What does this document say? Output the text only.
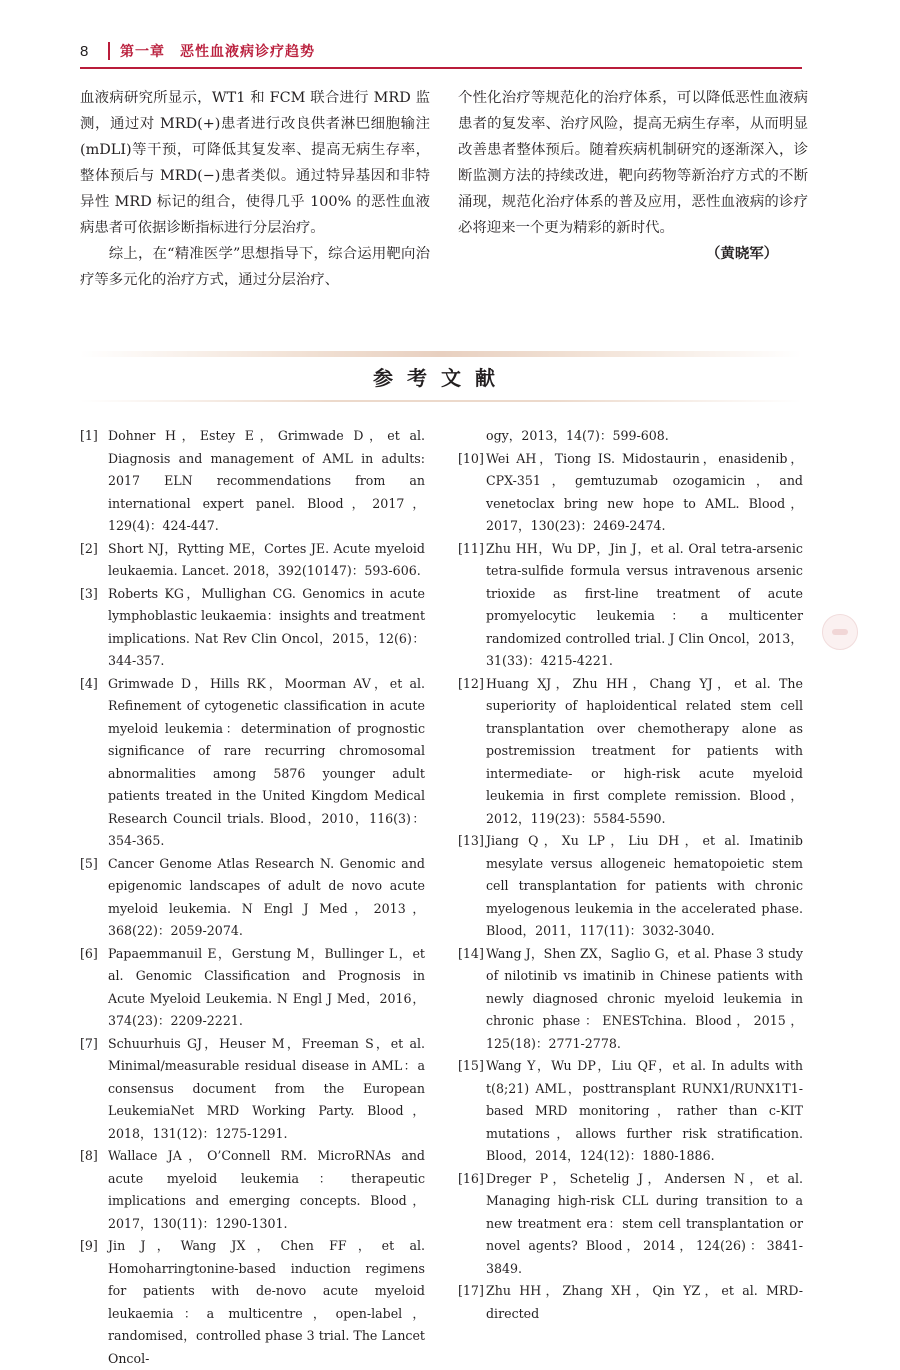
8	第一章　恶性血液病诊疗趋势

血液病研究所显示，WT1 和 FCM 联合进行 MRD 监测，通过对 MRD(+)患者进行改良供者淋巴细胞输注(mDLI)等干预，可降低其复发率、提高无病生存率，整体预后与 MRD(−)患者类似。通过特异基因和非特异性 MRD 标记的组合，使得几乎 100% 的恶性血液病患者可依据诊断指标进行分层治疗。

综上，在“精准医学”思想指导下，综合运用靶向治疗等多元化的治疗方式，通过分层治疗、

个性化治疗等规范化的治疗体系，可以降低恶性血液病患者的复发率、治疗风险，提高无病生存率，从而明显改善患者整体预后。随着疾病机制研究的逐渐深入，诊断监测方法的持续改进，靶向药物等新治疗方式的不断涌现，规范化治疗体系的普及应用，恶性血液病的诊疗必将迎来一个更为精彩的新时代。

（黄晓军）

参考文献
[1] Dohner H，Estey E，Grimwade D，et al. Diagnosis and management of AML in adults: 2017 ELN recommendations from an international expert panel. Blood，2017，129(4)：424-447.
[2] Short NJ，Rytting ME，Cortes JE. Acute myeloid leukaemia. Lancet. 2018，392(10147)：593-606.
[3] Roberts KG，Mullighan CG. Genomics in acute lymphoblastic leukaemia：insights and treatment implications. Nat Rev Clin Oncol，2015，12(6)：344-357.
[4] Grimwade D，Hills RK，Moorman AV，et al. Refinement of cytogenetic classification in acute myeloid leukemia：determination of prognostic significance of rare recurring chromosomal abnormalities among 5876 younger adult patients treated in the United Kingdom Medical Research Council trials. Blood，2010，116(3)：354-365.
[5] Cancer Genome Atlas Research N. Genomic and epigenomic landscapes of adult de novo acute myeloid leukemia. N Engl J Med，2013，368(22)：2059-2074.
[6] Papaemmanuil E，Gerstung M，Bullinger L，et al. Genomic Classification and Prognosis in Acute Myeloid Leukemia. N Engl J Med，2016，374(23)：2209-2221.
[7] Schuurhuis GJ，Heuser M，Freeman S，et al. Minimal/measurable residual disease in AML：a consensus document from the European LeukemiaNet MRD Working Party. Blood，2018，131(12)：1275-1291.
[8] Wallace JA，O’Connell RM. MicroRNAs and acute myeloid leukemia：therapeutic implications and emerging concepts. Blood，2017，130(11)：1290-1301.
[9] Jin J，Wang JX，Chen FF，et al. Homoharringtonine-based induction regimens for patients with de-novo acute myeloid leukaemia：a multicentre，open-label，randomised，controlled phase 3 trial. The Lancet Oncol-
ogy，2013，14(7)：599-608.
[10] Wei AH，Tiong IS. Midostaurin，enasidenib，CPX-351，gemtuzumab ozogamicin，and venetoclax bring new hope to AML. Blood，2017，130(23)：2469-2474.
[11] Zhu HH，Wu DP，Jin J，et al. Oral tetra-arsenic tetra-sulfide formula versus intravenous arsenic trioxide as first-line treatment of acute promyelocytic leukemia：a multicenter randomized controlled trial. J Clin Oncol，2013，31(33)：4215-4221.
[12] Huang XJ，Zhu HH，Chang YJ，et al. The superiority of haploidentical related stem cell transplantation over chemotherapy alone as postremission treatment for patients with intermediate- or high-risk acute myeloid leukemia in first complete remission. Blood，2012，119(23)：5584-5590.
[13] Jiang Q，Xu LP，Liu DH，et al. Imatinib mesylate versus allogeneic hematopoietic stem cell transplantation for patients with chronic myelogenous leukemia in the accelerated phase. Blood，2011，117(11)：3032-3040.
[14] Wang J，Shen ZX，Saglio G，et al. Phase 3 study of nilotinib vs imatinib in Chinese patients with newly diagnosed chronic myeloid leukemia in chronic phase：ENESTchina. Blood，2015，125(18)：2771-2778.
[15] Wang Y，Wu DP，Liu QF，et al. In adults with t(8;21) AML，posttransplant RUNX1/RUNX1T1-based MRD monitoring，rather than c-KIT mutations，allows further risk stratification. Blood，2014，124(12)：1880-1886.
[16] Dreger P，Schetelig J，Andersen N，et al. Managing high-risk CLL during transition to a new treatment era：stem cell transplantation or novel agents? Blood，2014，124(26)：3841-3849.
[17] Zhu HH，Zhang XH，Qin YZ，et al. MRD-directed
